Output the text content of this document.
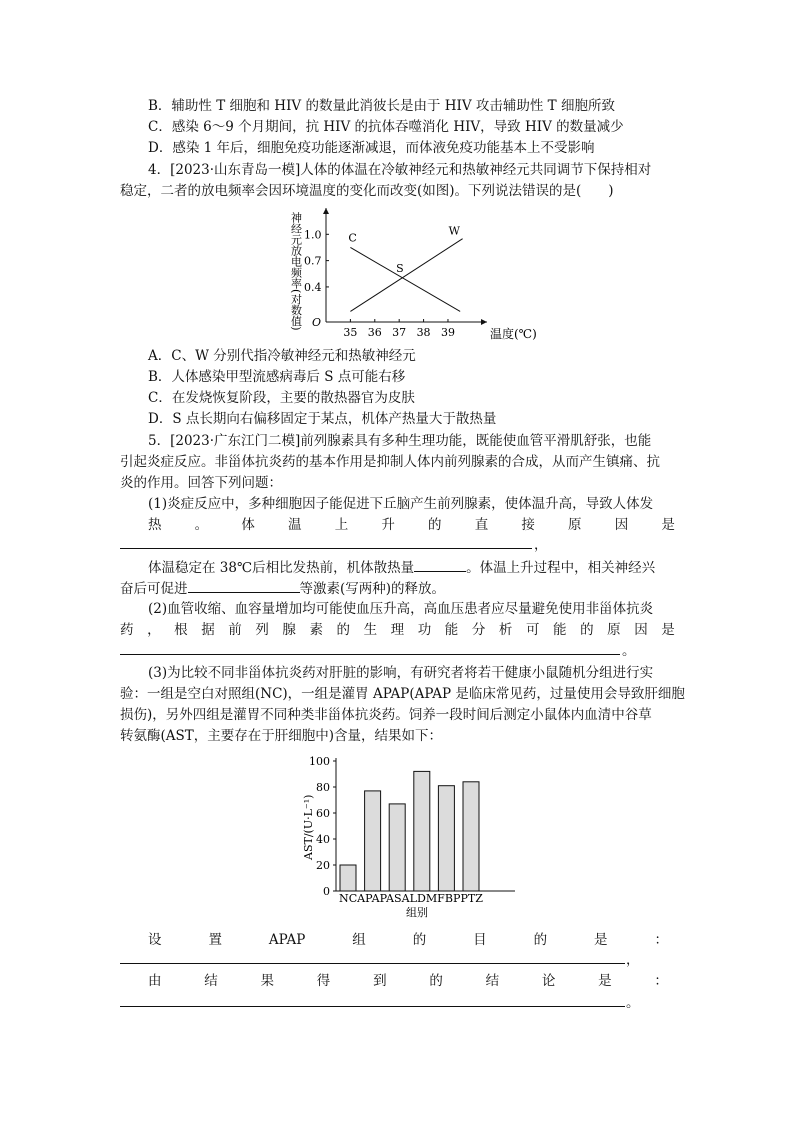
B．辅助性 T 细胞和 HIV 的数量此消彼长是由于 HIV 攻击辅助性 T 细胞所致
C．感染 6～9 个月期间，抗 HIV 的抗体吞噬消化 HIV，导致 HIV 的数量减少
D．感染 1 年后，细胞免疫功能逐渐减退，而体液免疫功能基本上不受影响
4．[2023·山东青岛一模]人体的体温在冷敏神经元和热敏神经元共同调节下保持相对
稳定，二者的放电频率会因环境温度的变化而改变(如图)。下列说法错误的是(　　)
神经元放电频率(对数值) O
温度(℃)
35 36 37 38 39
0.4
0.7
1.0 C
W
S
A．C、W 分别代指冷敏神经元和热敏神经元
B．人体感染甲型流感病毒后 S 点可能右移
C．在发烧恢复阶段，主要的散热器官为皮肤
D．S 点长期向右偏移固定于某点，机体产热量大于散热量
5．[2023·广东江门二模]前列腺素具有多种生理功能，既能使血管平滑肌舒张，也能
引起炎症反应。非甾体抗炎药的基本作用是抑制人体内前列腺素的合成，从而产生镇痛、抗
炎的作用。回答下列问题：
(1)炎症反应中，多种细胞因子能促进下丘脑产生前列腺素，使体温升高，导致人体发
热 。 体 温 上 升 的 直 接 原 因 是
，
体温稳定在 38℃后相比发热前，机体散热量	。体温上升过程中，相关神经兴
奋后可促进	等激素(写两种)的释放。
(2)血管收缩、血容量增加均可能使血压升高，高血压患者应尽量避免使用非甾体抗炎
药 ， 根 据 前 列 腺 素 的 生 理 功 能 分 析 可 能 的 原 因 是
。
(3)为比较不同非甾体抗炎药对肝脏的影响，有研究者将若干健康小鼠随机分组进行实
验：一组是空白对照组(NC)，一组是灌胃 APAP(APAP 是临床常见药，过量使用会导致肝细胞
损伤)，另外四组是灌胃不同种类非甾体抗炎药。饲养一段时间后测定小鼠体内血清中谷草
转氨酶(AST，主要存在于肝细胞中)含量，结果如下：
AST/(U·L⁻¹)
0
20
40
60
80
100
NCAPAPASALDMFBPPTZ
组别
设	置	APAP	组	的	目	的	是	：
，
由	结	果	得	到	的	结	论	是	：
。
